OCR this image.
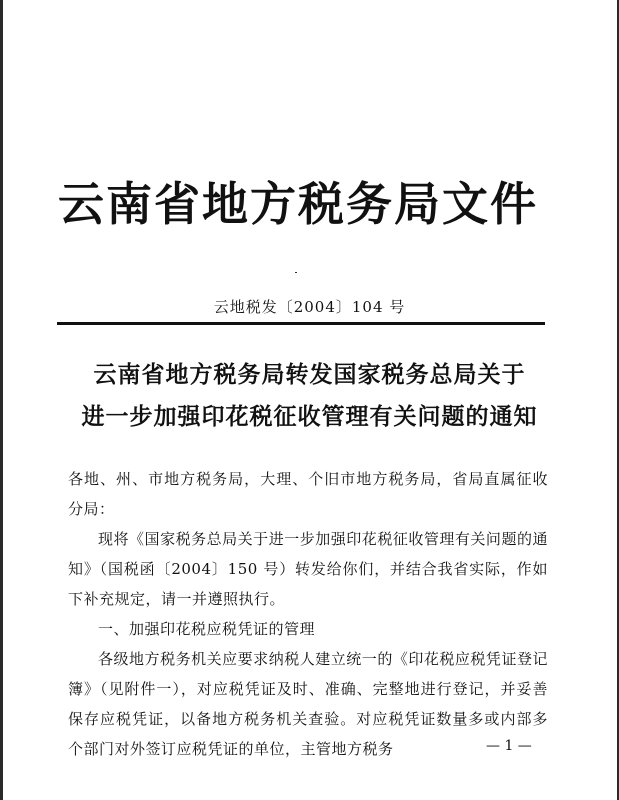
云南省地方税务局文件
云地税发〔2004〕104 号
云南省地方税务局转发国家税务总局关于
进一步加强印花税征收管理有关问题的通知

各地、州、市地方税务局，大理、个旧市地方税务局，省局直属征收分局：

现将《国家税务总局关于进一步加强印花税征收管理有关问题的通知》（国税函〔2004〕150 号）转发给你们，并结合我省实际，作如下补充规定，请一并遵照执行。

一、加强印花税应税凭证的管理

各级地方税务机关应要求纳税人建立统一的《印花税应税凭证登记簿》（见附件一），对应税凭证及时、准确、完整地进行登记，并妥善保存应税凭证，以备地方税务机关查验。对应税凭证数量多或内部多个部门对外签订应税凭证的单位，主管地方税务	— 1 —
